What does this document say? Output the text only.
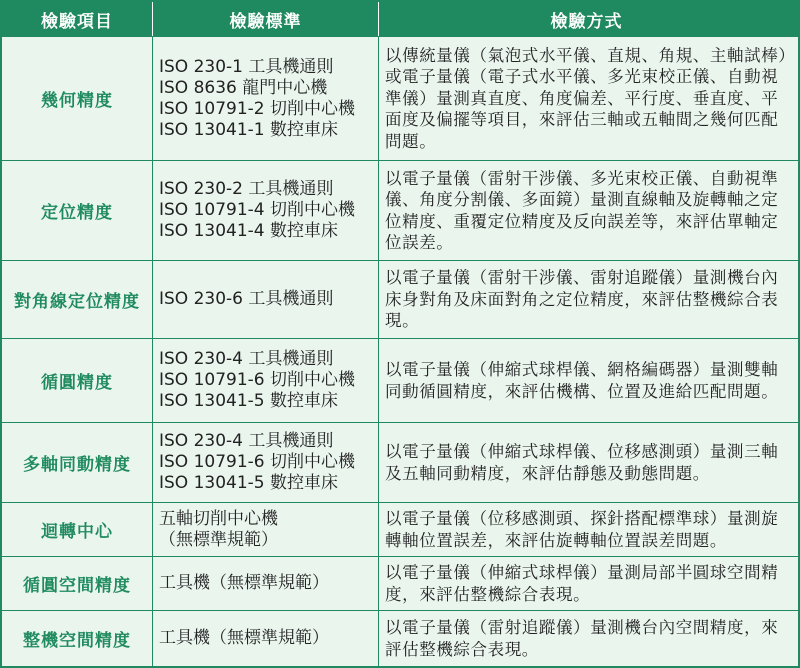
檢驗項目	檢驗標準	檢驗方式
幾何精度
ISO 230-1 工具機通則
ISO 8636 龍門中心機
ISO 10791-2 切削中心機
ISO 13041-1 數控車床
以傳統量儀（氣泡式水平儀、直規、角規、主軸試棒）或電子量儀（電子式水平儀、多光束校正儀、自動視準儀）量測真直度、角度偏差、平行度、垂直度、平面度及偏擺等項目，來評估三軸或五軸間之幾何匹配問題。
定位精度
ISO 230-2 工具機通則
ISO 10791-4 切削中心機
ISO 13041-4 數控車床
以電子量儀（雷射干涉儀、多光束校正儀、自動視準儀、角度分割儀、多面鏡）量測直線軸及旋轉軸之定位精度、重覆定位精度及反向誤差等，來評估單軸定位誤差。
對角線定位精度 ISO 230-6 工具機通則
以電子量儀（雷射干涉儀、雷射追蹤儀）量測機台內床身對角及床面對角之定位精度，來評估整機綜合表現。
循圓精度
ISO 230-4 工具機通則
ISO 10791-6 切削中心機
ISO 13041-5 數控車床
以電子量儀（伸縮式球桿儀、網格編碼器）量測雙軸同動循圓精度，來評估機構、位置及進給匹配問題。
多軸同動精度
ISO 230-4 工具機通則
ISO 10791-6 切削中心機
ISO 13041-5 數控車床
以電子量儀（伸縮式球桿儀、位移感測頭）量測三軸及五軸同動精度，來評估靜態及動態問題。
迴轉中心
五軸切削中心機
（無標準規範）
以電子量儀（位移感測頭、探針搭配標準球）量測旋轉軸位置誤差，來評估旋轉軸位置誤差問題。
循圓空間精度 工具機（無標準規範）
以電子量儀（伸縮式球桿儀）量測局部半圓球空間精度，來評估整機綜合表現。
整機空間精度 工具機（無標準規範）
以電子量儀（雷射追蹤儀）量測機台內空間精度，來評估整機綜合表現。
